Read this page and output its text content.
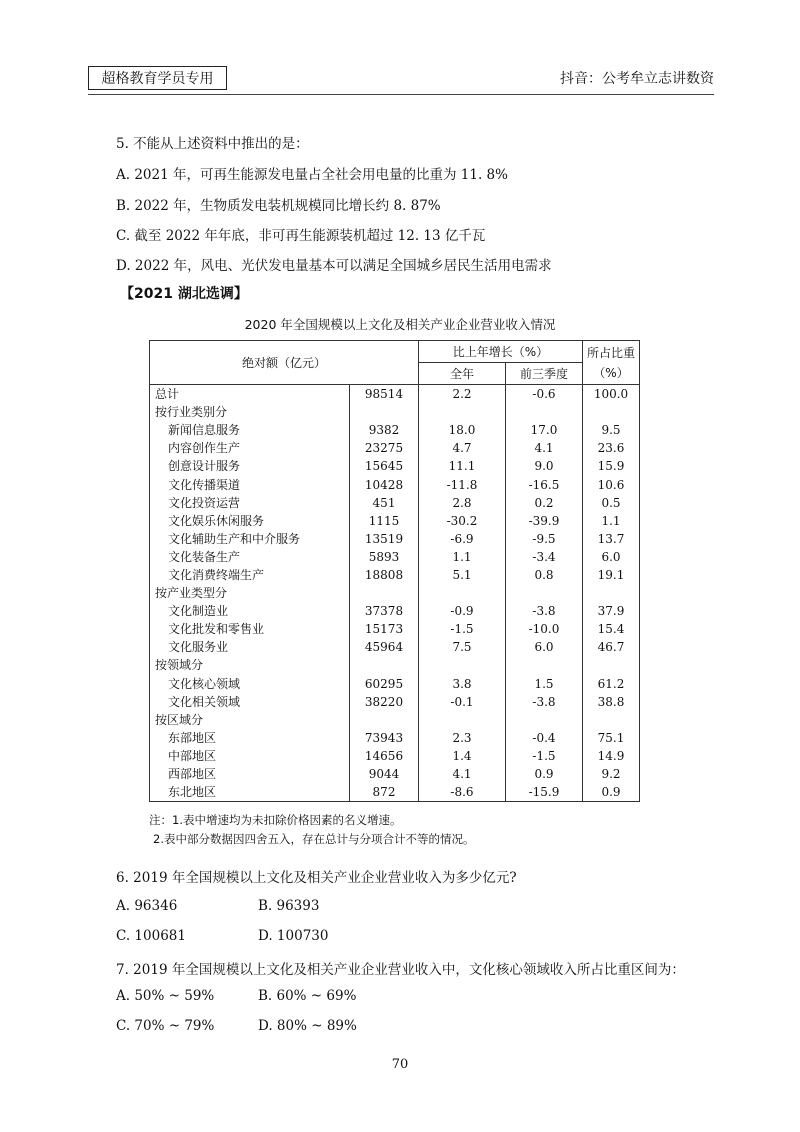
超格教育学员专用	抖音：公考牟立志讲数资
5. 不能从上述资料中推出的是：
A. 2021 年，可再生能源发电量占全社会用电量的比重为 11. 8%
B. 2022 年，生物质发电装机规模同比增长约 8. 87%
C. 截至 2022 年年底，非可再生能源装机超过 12. 13 亿千瓦
D. 2022 年，风电、光伏发电量基本可以满足全国城乡居民生活用电需求
【2021 湖北选调】
2020 年全国规模以上文化及相关产业企业营业收入情况
绝对额（亿元）		比上年增长（%）		所占比重（%）
		全年	前三季度	
总计	98514	2.2	-0.6	100.0
按行业类别分				
新闻信息服务	9382	18.0	17.0	9.5
内容创作生产	23275	4.7	4.1	23.6
创意设计服务	15645	11.1	9.0	15.9
文化传播渠道	10428	-11.8	-16.5	10.6
文化投资运营	451	2.8	0.2	0.5
文化娱乐休闲服务	1115	-30.2	-39.9	1.1
文化辅助生产和中介服务	13519	-6.9	-9.5	13.7
文化装备生产	5893	1.1	-3.4	6.0
文化消费终端生产	18808	5.1	0.8	19.1
按产业类型分				
文化制造业	37378	-0.9	-3.8	37.9
文化批发和零售业	15173	-1.5	-10.0	15.4
文化服务业	45964	7.5	6.0	46.7
按领域分				
文化核心领域	60295	3.8	1.5	61.2
文化相关领域	38220	-0.1	-3.8	38.8
按区域分				
东部地区	73943	2.3	-0.4	75.1
中部地区	14656	1.4	-1.5	14.9
西部地区	9044	4.1	0.9	9.2
东北地区	872	-8.6	-15.9	0.9
注：1.表中增速均为未扣除价格因素的名义增速。
2.表中部分数据因四舍五入，存在总计与分项合计不等的情况。
6. 2019 年全国规模以上文化及相关产业企业营业收入为多少亿元?
A. 96346	B. 96393
C. 100681	D. 100730
7. 2019 年全国规模以上文化及相关产业企业营业收入中，文化核心领域收入所占比重区间为：
A. 50% ~ 59%	B. 60% ~ 69%
C. 70% ~ 79%	D. 80% ~ 89%
70
